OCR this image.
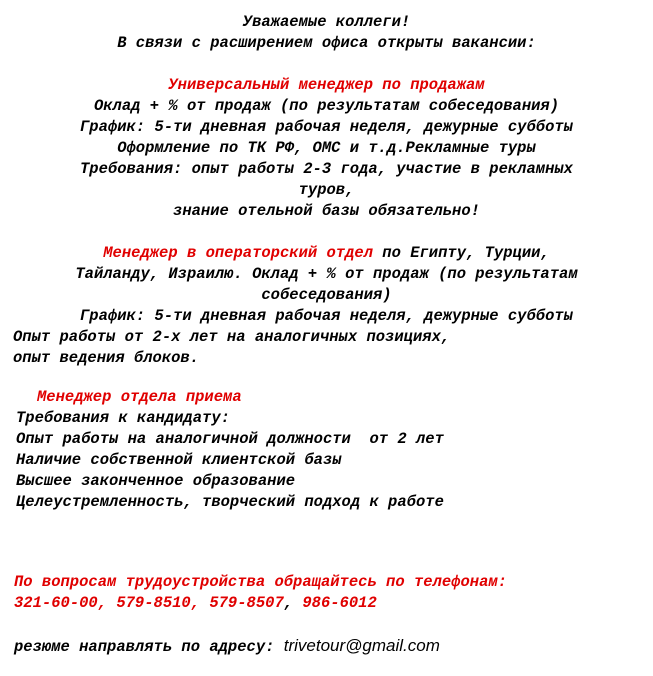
Уважаемые коллеги!
В связи с расширением офиса открыты вакансии:
Универсальный менеджер по продажам
Оклад + % от продаж (по результатам собеседования)
График: 5-ти дневная рабочая неделя, дежурные субботы
Оформление по ТК РФ, ОМС и т.д.Рекламные туры
Требования: опыт работы 2-3 года, участие в рекламных
туров,
знание отельной базы обязательно!
Менеджер в операторский отдел по Египту, Турции,
Тайланду, Израилю. Оклад + % от продаж (по результатам
собеседования)
График: 5-ти дневная рабочая неделя, дежурные субботы
Опыт работы от 2-х лет на аналогичных позициях,
опыт ведения блоков.
Менеджер отдела приема
Требования к кандидату:
Опыт работы на аналогичной должности  от 2 лет
Наличие собственной клиентской базы
Высшее законченное образование
Целеустремленность, творческий подход к работе
По вопросам трудоустройства обращайтесь по телефонам:
321-60-00, 579-8510, 579-8507, 986-6012
резюме направлять по адресу: trivetour@gmail.com
